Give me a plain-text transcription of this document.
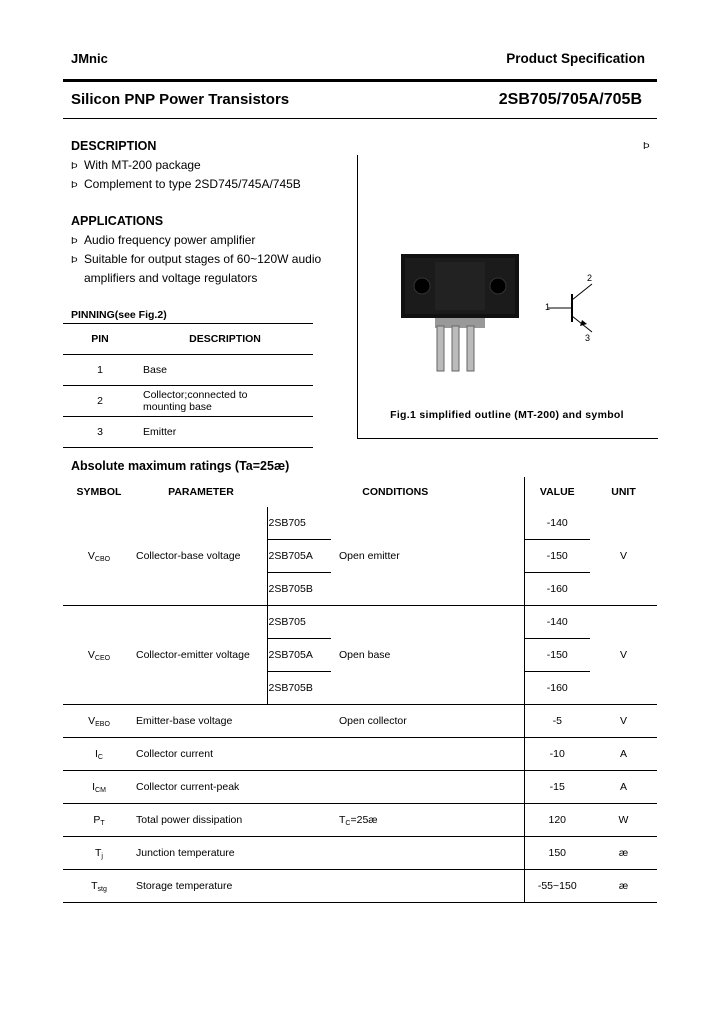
JMnic	Product Specification
Silicon PNP Power Transistors	2SB705/705A/705B
DESCRIPTION
Þ With MT-200 package
Þ Complement to type 2SD745/745A/745B
APPLICATIONS
Þ Audio frequency power amplifier
Þ Suitable for output stages of 60~120W audio
amplifiers and voltage regulators
Þ
1
2
3
Fig.1 simplified outline (MT-200) and symbol
PINNING(see Fig.2)
PIN	DESCRIPTION
1	Base
2	Collector;connected to
mounting base
3	Emitter
Absolute maximum ratings (Ta=25æ)
SYMBOL	PARAMETER	CONDITIONS		VALUE	UNIT
$V_{CBO}$	Collector-base voltage	2SB705	Open emitter	-140	V
		2SB705A		-150	
		2SB705B		-160	
$V_{CEO}$	Collector-emitter voltage	2SB705	Open base	-140	V
		2SB705A		-150	
		2SB705B		-160	
$V_{EBO}$	Emitter-base voltage	Open collector		-5	V
$I_C$	Collector current			-10	A
$I_{CM}$	Collector current-peak			-15	A
$P_T$	Total power dissipation	$T_C=25æ$		120	W
$T_j$	Junction temperature			150	æ
$T_{stg}$	Storage temperature			-55~150	æ
